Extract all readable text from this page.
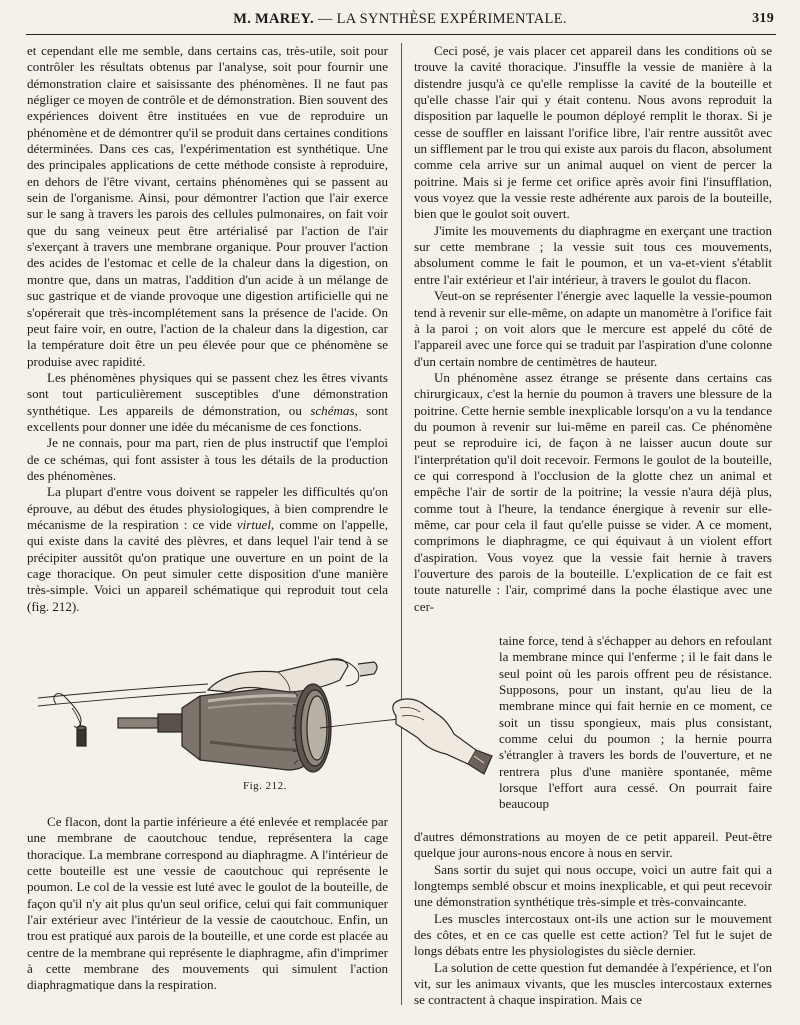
M. MAREY. — LA SYNTHÈSE EXPÉRIMENTALE.	319

et cependant elle me semble, dans certains cas, très-utile, soit pour contrôler les résultats obtenus par l'analyse, soit pour fournir une démonstration claire et saisissante des phénomènes. Il ne faut pas négliger ce moyen de contrôle et de démonstration. Bien souvent des expériences doivent être instituées en vue de reproduire un phénomène et de démontrer qu'il se produit dans certaines conditions déterminées. Dans ces cas, l'expérimentation est synthétique. Une des principales applications de cette méthode consiste à reproduire, en dehors de l'être vivant, certains phénomènes qui se passent au sein de l'organisme. Ainsi, pour démontrer l'action que l'air exerce sur le sang à travers les parois des cellules pulmonaires, on fait voir que du sang veineux peut être artérialisé par l'action de l'air s'exerçant à travers une membrane organique. Pour prouver l'action des acides de l'estomac et celle de la chaleur dans la digestion, on montre que, dans un matras, l'addition d'un acide à un mélange de suc gastrique et de viande provoque une digestion artificielle qui ne s'opérerait que très-incomplétement sans la présence de l'acide. On peut faire voir, en outre, l'action de la chaleur dans la digestion, car la température doit être un peu élevée pour que ce phénomène se produise avec rapidité.

Les phénomènes physiques qui se passent chez les êtres vivants sont tout particulièrement susceptibles d'une démonstration synthétique. Les appareils de démonstration, ou schémas, sont excellents pour donner une idée du mécanisme de ces fonctions.

Je ne connais, pour ma part, rien de plus instructif que l'emploi de ce schémas, qui font assister à tous les détails de la production des phénomènes.

La plupart d'entre vous doivent se rappeler les difficultés qu'on éprouve, au début des études physiologiques, à bien comprendre le mécanisme de la respiration : ce vide virtuel, comme on l'appelle, qui existe dans la cavité des plèvres, et dans lequel l'air tend à se précipiter aussitôt qu'on pratique une ouverture en un point de la cage thoracique. On peut simuler cette disposition d'une manière très-simple. Voici un appareil schématique qui reproduit tout cela (fig. 212).

Fig. 212.

Ce flacon, dont la partie inférieure a été enlevée et remplacée par une membrane de caoutchouc tendue, représentera la cage thoracique. La membrane correspond au diaphragme. A l'intérieur de cette bouteille est une vessie de caoutchouc qui représente le poumon. Le col de la vessie est luté avec le goulot de la bouteille, de façon qu'il n'y ait plus qu'un seul orifice, celui qui fait communiquer l'air extérieur avec l'intérieur de la vessie de caoutchouc. Enfin, un trou est pratiqué aux parois de la bouteille, et une corde est placée au centre de la membrane qui représente le diaphragme, afin d'imprimer à cette membrane des mouvements qui simulent l'action diaphragmatique dans la respiration.

Ceci posé, je vais placer cet appareil dans les conditions où se trouve la cavité thoracique. J'insuffle la vessie de manière à la distendre jusqu'à ce qu'elle remplisse la cavité de la bouteille et qu'elle chasse l'air qui y était contenu. Nous avons reproduit la disposition par laquelle le poumon déployé remplit le thorax. Si je cesse de souffler en laissant l'orifice libre, l'air rentre aussitôt avec un sifflement par le trou qui existe aux parois du flacon, absolument comme cela arrive sur un animal auquel on vient de percer la poitrine. Mais si je ferme cet orifice après avoir fini l'insufflation, vous voyez que la vessie reste adhérente aux parois de la bouteille, bien que le goulot soit ouvert.

J'imite les mouvements du diaphragme en exerçant une traction sur cette membrane ; la vessie suit tous ces mouvements, absolument comme le fait le poumon, et un va-et-vient s'établit entre l'air extérieur et l'air intérieur, à travers le goulot du flacon.

Veut-on se représenter l'énergie avec laquelle la vessie-poumon tend à revenir sur elle-même, on adapte un manomètre à l'orifice fait à la paroi ; on voit alors que le mercure est appelé du côté de l'appareil avec une force qui se traduit par l'aspiration d'une colonne d'un certain nombre de centimètres de hauteur.

Un phénomène assez étrange se présente dans certains cas chirurgicaux, c'est la hernie du poumon à travers une blessure de la poitrine. Cette hernie semble inexplicable lorsqu'on a vu la tendance du poumon à revenir sur lui-même en pareil cas. Ce phénomène peut se reproduire ici, de façon à ne laisser aucun doute sur l'interprétation qu'il doit recevoir. Fermons le goulot de la bouteille, ce qui correspond à l'occlusion de la glotte chez un animal et empêche l'air de sortir de la poitrine; la vessie n'aura déjà plus, comme tout à l'heure, la tendance énergique à revenir sur elle-même, car pour cela il faut qu'elle puisse se vider. A ce moment, comprimons le diaphragme, ce qui équivaut à un violent effort d'aspiration. Vous voyez que la vessie fait hernie à travers l'ouverture des parois de la bouteille. L'explication de ce fait est toute naturelle : l'air, comprimé dans la poche élastique avec une cer-

taine force, tend à s'échapper au dehors en refoulant la membrane mince qui l'enferme ; il le fait dans le seul point où les parois offrent peu de résistance. Supposons, pour un instant, qu'au lieu de la membrane mince qui fait hernie en ce moment, ce soit un tissu spongieux, mais plus consistant, comme celui du poumon ; la hernie pourra s'étrangler à travers les bords de l'ouverture, et ne rentrera plus d'une manière spontanée, même lorsque l'effort aura cessé. On pourrait faire beaucoup

d'autres démonstrations au moyen de ce petit appareil. Peut-être quelque jour aurons-nous encore à nous en servir.

Sans sortir du sujet qui nous occupe, voici un autre fait qui a longtemps semblé obscur et moins inexplicable, et qui peut recevoir une démonstration synthétique très-simple et très-convaincante.

Les muscles intercostaux ont-ils une action sur le mouvement des côtes, et en ce cas quelle est cette action? Tel fut le sujet de longs débats entre les physiologistes du siècle dernier.

La solution de cette question fut demandée à l'expérience, et l'on vit, sur les animaux vivants, que les muscles intercostaux externes se contractent à chaque inspiration. Mais ce
